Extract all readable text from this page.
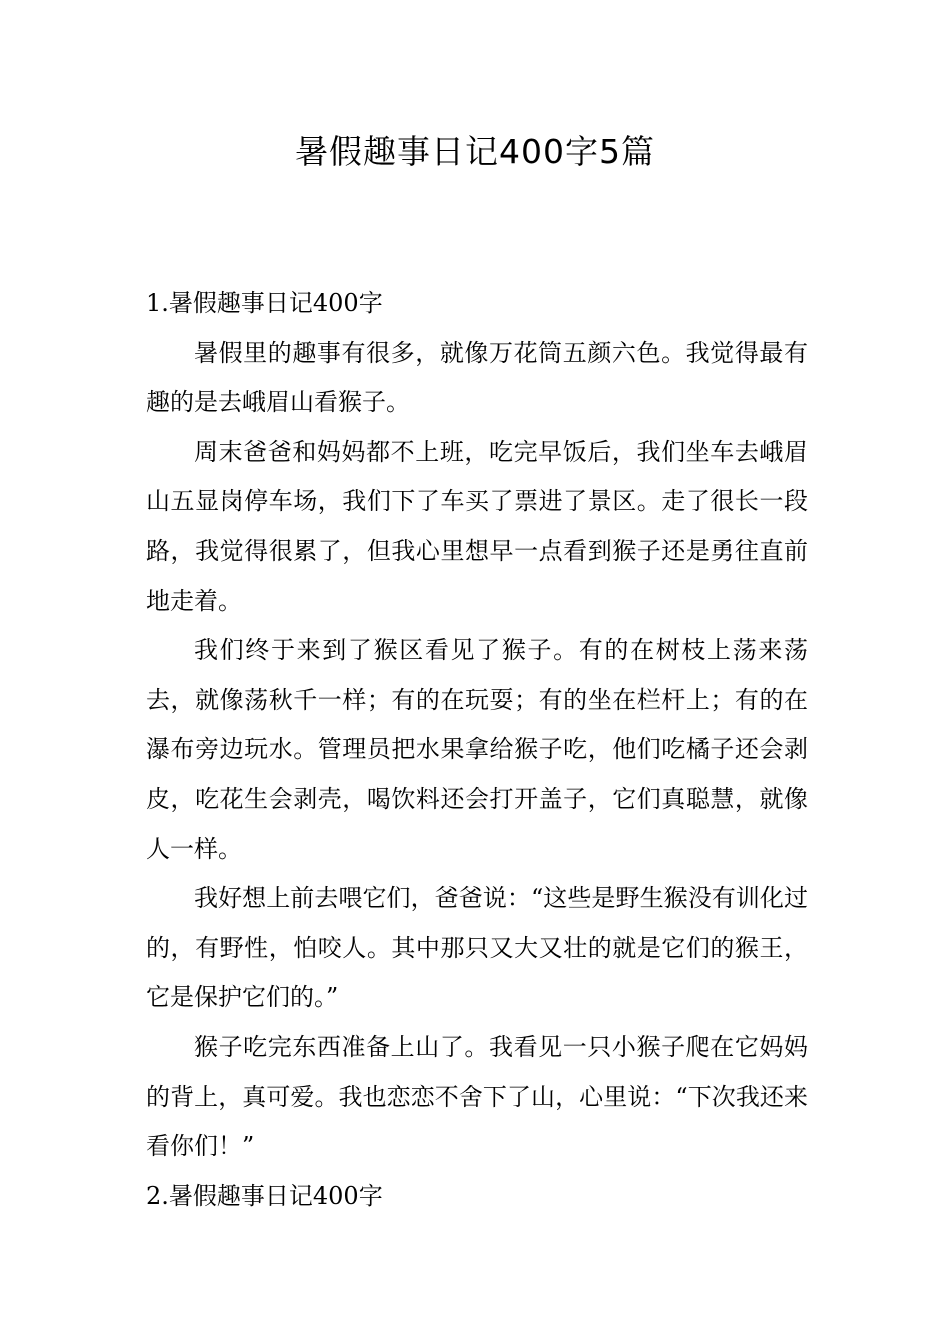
暑假趣事日记400字5篇

1.暑假趣事日记400字

暑假里的趣事有很多，就像万花筒五颜六色。我觉得最有趣的是去峨眉山看猴子。

周末爸爸和妈妈都不上班，吃完早饭后，我们坐车去峨眉山五显岗停车场，我们下了车买了票进了景区。走了很长一段路，我觉得很累了，但我心里想早一点看到猴子还是勇往直前地走着。

我们终于来到了猴区看见了猴子。有的在树枝上荡来荡去，就像荡秋千一样；有的在玩耍；有的坐在栏杆上；有的在瀑布旁边玩水。管理员把水果拿给猴子吃，他们吃橘子还会剥皮，吃花生会剥壳，喝饮料还会打开盖子，它们真聪慧，就像人一样。

我好想上前去喂它们，爸爸说：“这些是野生猴没有训化过的，有野性，怕咬人。其中那只又大又壮的就是它们的猴王，它是保护它们的。”

猴子吃完东西准备上山了。我看见一只小猴子爬在它妈妈的背上，真可爱。我也恋恋不舍下了山，心里说：“下次我还来看你们！”

2.暑假趣事日记400字
